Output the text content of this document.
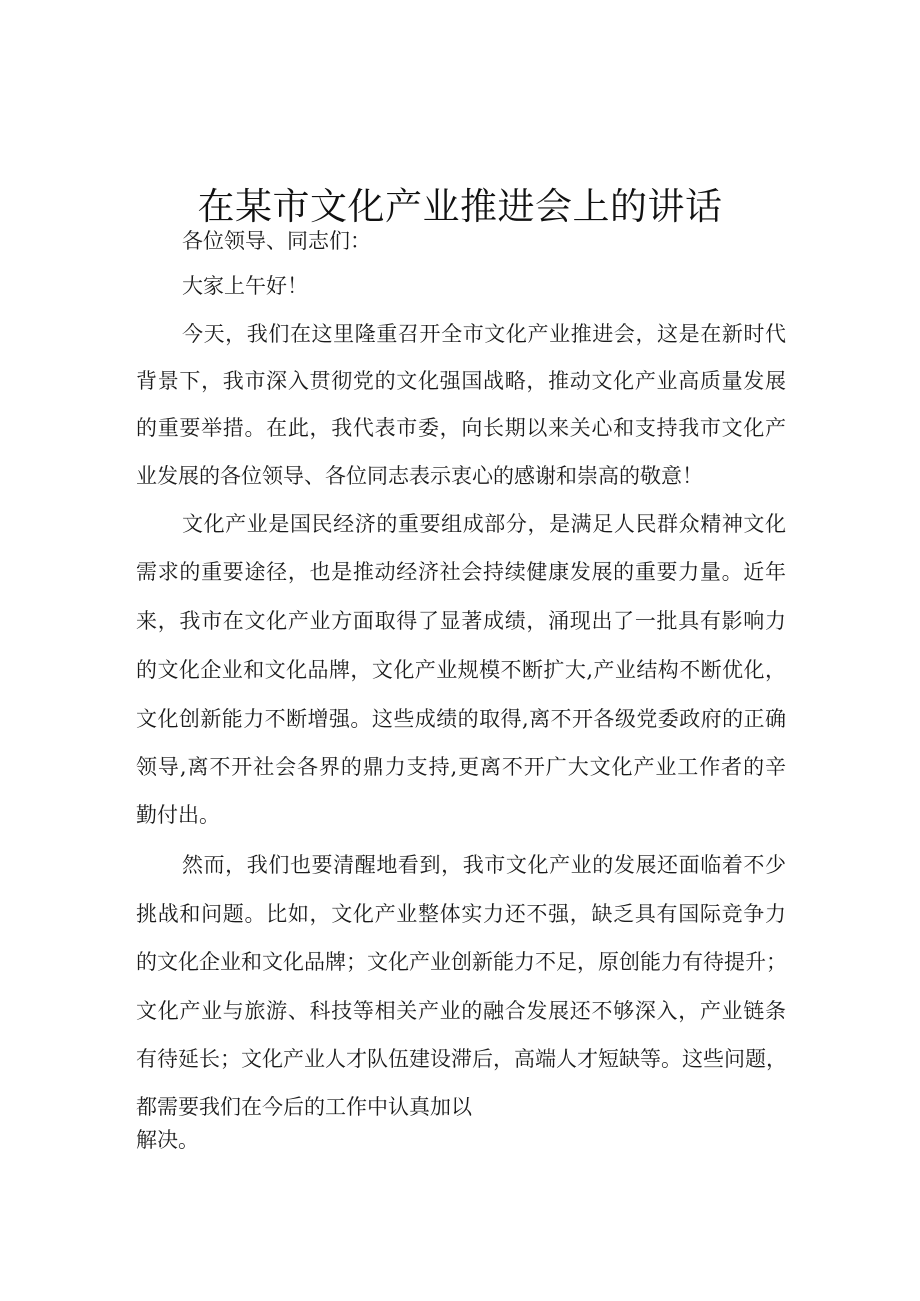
在某市文化产业推进会上的讲话
各位领导、同志们：
大家上午好！
今天，我们在这里隆重召开全市文化产业推进会，这是在新时代
背景下，我市深入贯彻党的文化强国战略，推动文化产业高质量发展
的重要举措。在此，我代表市委，向长期以来关心和支持我市文化产
业发展的各位领导、各位同志表示衷心的感谢和崇高的敬意！
文化产业是国民经济的重要组成部分，是满足人民群众精神文化
需求的重要途径，也是推动经济社会持续健康发展的重要力量。近年
来，我市在文化产业方面取得了显著成绩，涌现出了一批具有影响力
的文化企业和文化品牌，文化产业规模不断扩大,产业结构不断优化，
文化创新能力不断增强。这些成绩的取得,离不开各级党委政府的正确
领导,离不开社会各界的鼎力支持,更离不开广大文化产业工作者的辛
勤付出。
然而，我们也要清醒地看到，我市文化产业的发展还面临着不少
挑战和问题。比如，文化产业整体实力还不强，缺乏具有国际竞争力
的文化企业和文化品牌；文化产业创新能力不足，原创能力有待提升；
文化产业与旅游、科技等相关产业的融合发展还不够深入，产业链条
有待延长；文化产业人才队伍建设滞后，高端人才短缺等。这些问题，
都需要我们在今后的工作中认真加以
解决。
